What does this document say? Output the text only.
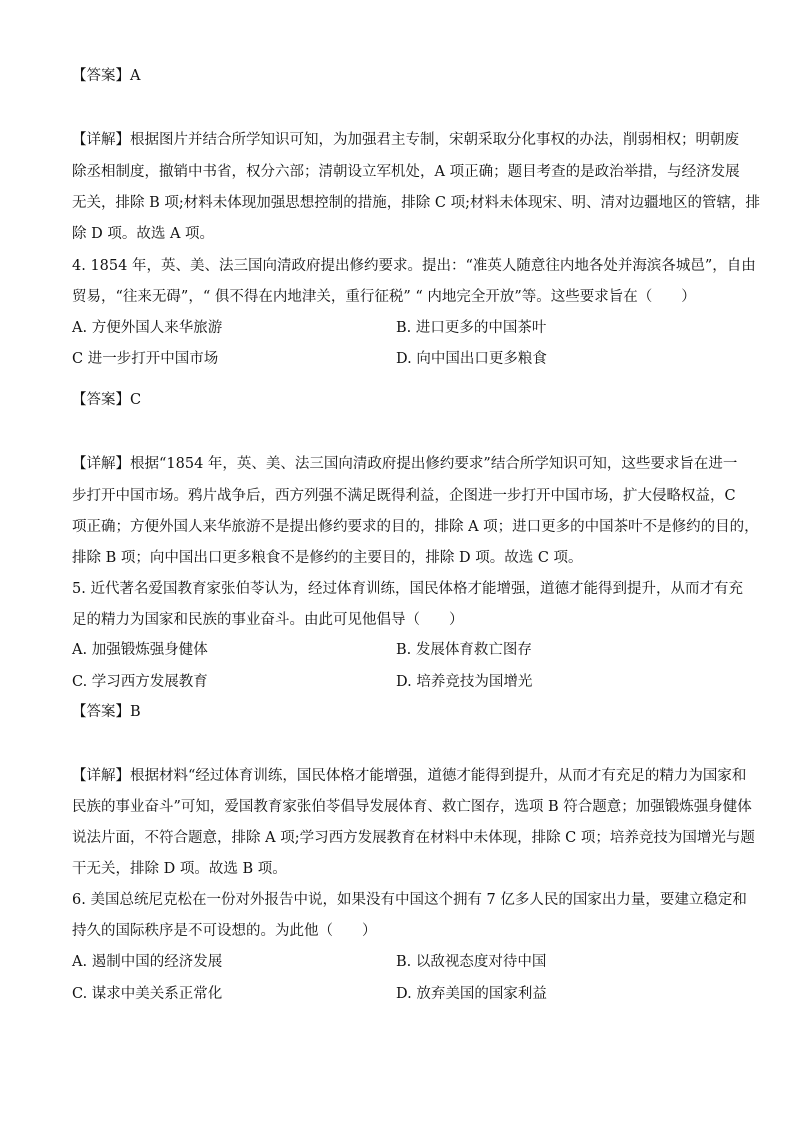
【答案】A
【详解】根据图片并结合所学知识可知，为加强君主专制，宋朝采取分化事权的办法，削弱相权；明朝废
除丞相制度，撤销中书省，权分六部；清朝设立军机处，A 项正确；题目考查的是政治举措，与经济发展
无关，排除 B 项;材料未体现加强思想控制的措施，排除 C 项;材料未体现宋、明、清对边疆地区的管辖，排
除 D 项。故选 A 项。
4. 1854 年，英、美、法三国向清政府提出修约要求。提出：“准英人随意往内地各处并海滨各城邑”，自由
贸易，“往来无碍”，“ 俱不得在内地津关，重行征税” “ 内地完全开放”等。这些要求旨在（　　）
A. 方便外国人来华旅游	B. 进口更多的中国茶叶
C 进一步打开中国市场	D. 向中国出口更多粮食
【答案】C
【详解】根据“1854 年，英、美、法三国向清政府提出修约要求”结合所学知识可知，这些要求旨在进一
步打开中国市场。鸦片战争后，西方列强不满足既得利益，企图进一步打开中国市场，扩大侵略权益，C
项正确；方便外国人来华旅游不是提出修约要求的目的，排除 A 项；进口更多的中国茶叶不是修约的目的，
排除 B 项；向中国出口更多粮食不是修约的主要目的，排除 D 项。故选 C 项。
5. 近代著名爱国教育家张伯苓认为，经过体育训练，国民体格才能增强，道德才能得到提升，从而才有充
足的精力为国家和民族的事业奋斗。由此可见他倡导（　　）
A. 加强锻炼强身健体	B. 发展体育救亡图存
C. 学习西方发展教育	D. 培养竞技为国增光
【答案】B
【详解】根据材料“经过体育训练，国民体格才能增强，道德才能得到提升，从而才有充足的精力为国家和
民族的事业奋斗”可知，爱国教育家张伯苓倡导发展体育、救亡图存，选项 B 符合题意；加强锻炼强身健体
说法片面，不符合题意，排除 A 项;学习西方发展教育在材料中未体现，排除 C 项；培养竞技为国增光与题
干无关，排除 D 项。故选 B 项。
6. 美国总统尼克松在一份对外报告中说，如果没有中国这个拥有 7 亿多人民的国家出力量，要建立稳定和
持久的国际秩序是不可设想的。为此他（　　）
A. 遏制中国的经济发展	B. 以敌视态度对待中国
C. 谋求中美关系正常化	D. 放弃美国的国家利益
